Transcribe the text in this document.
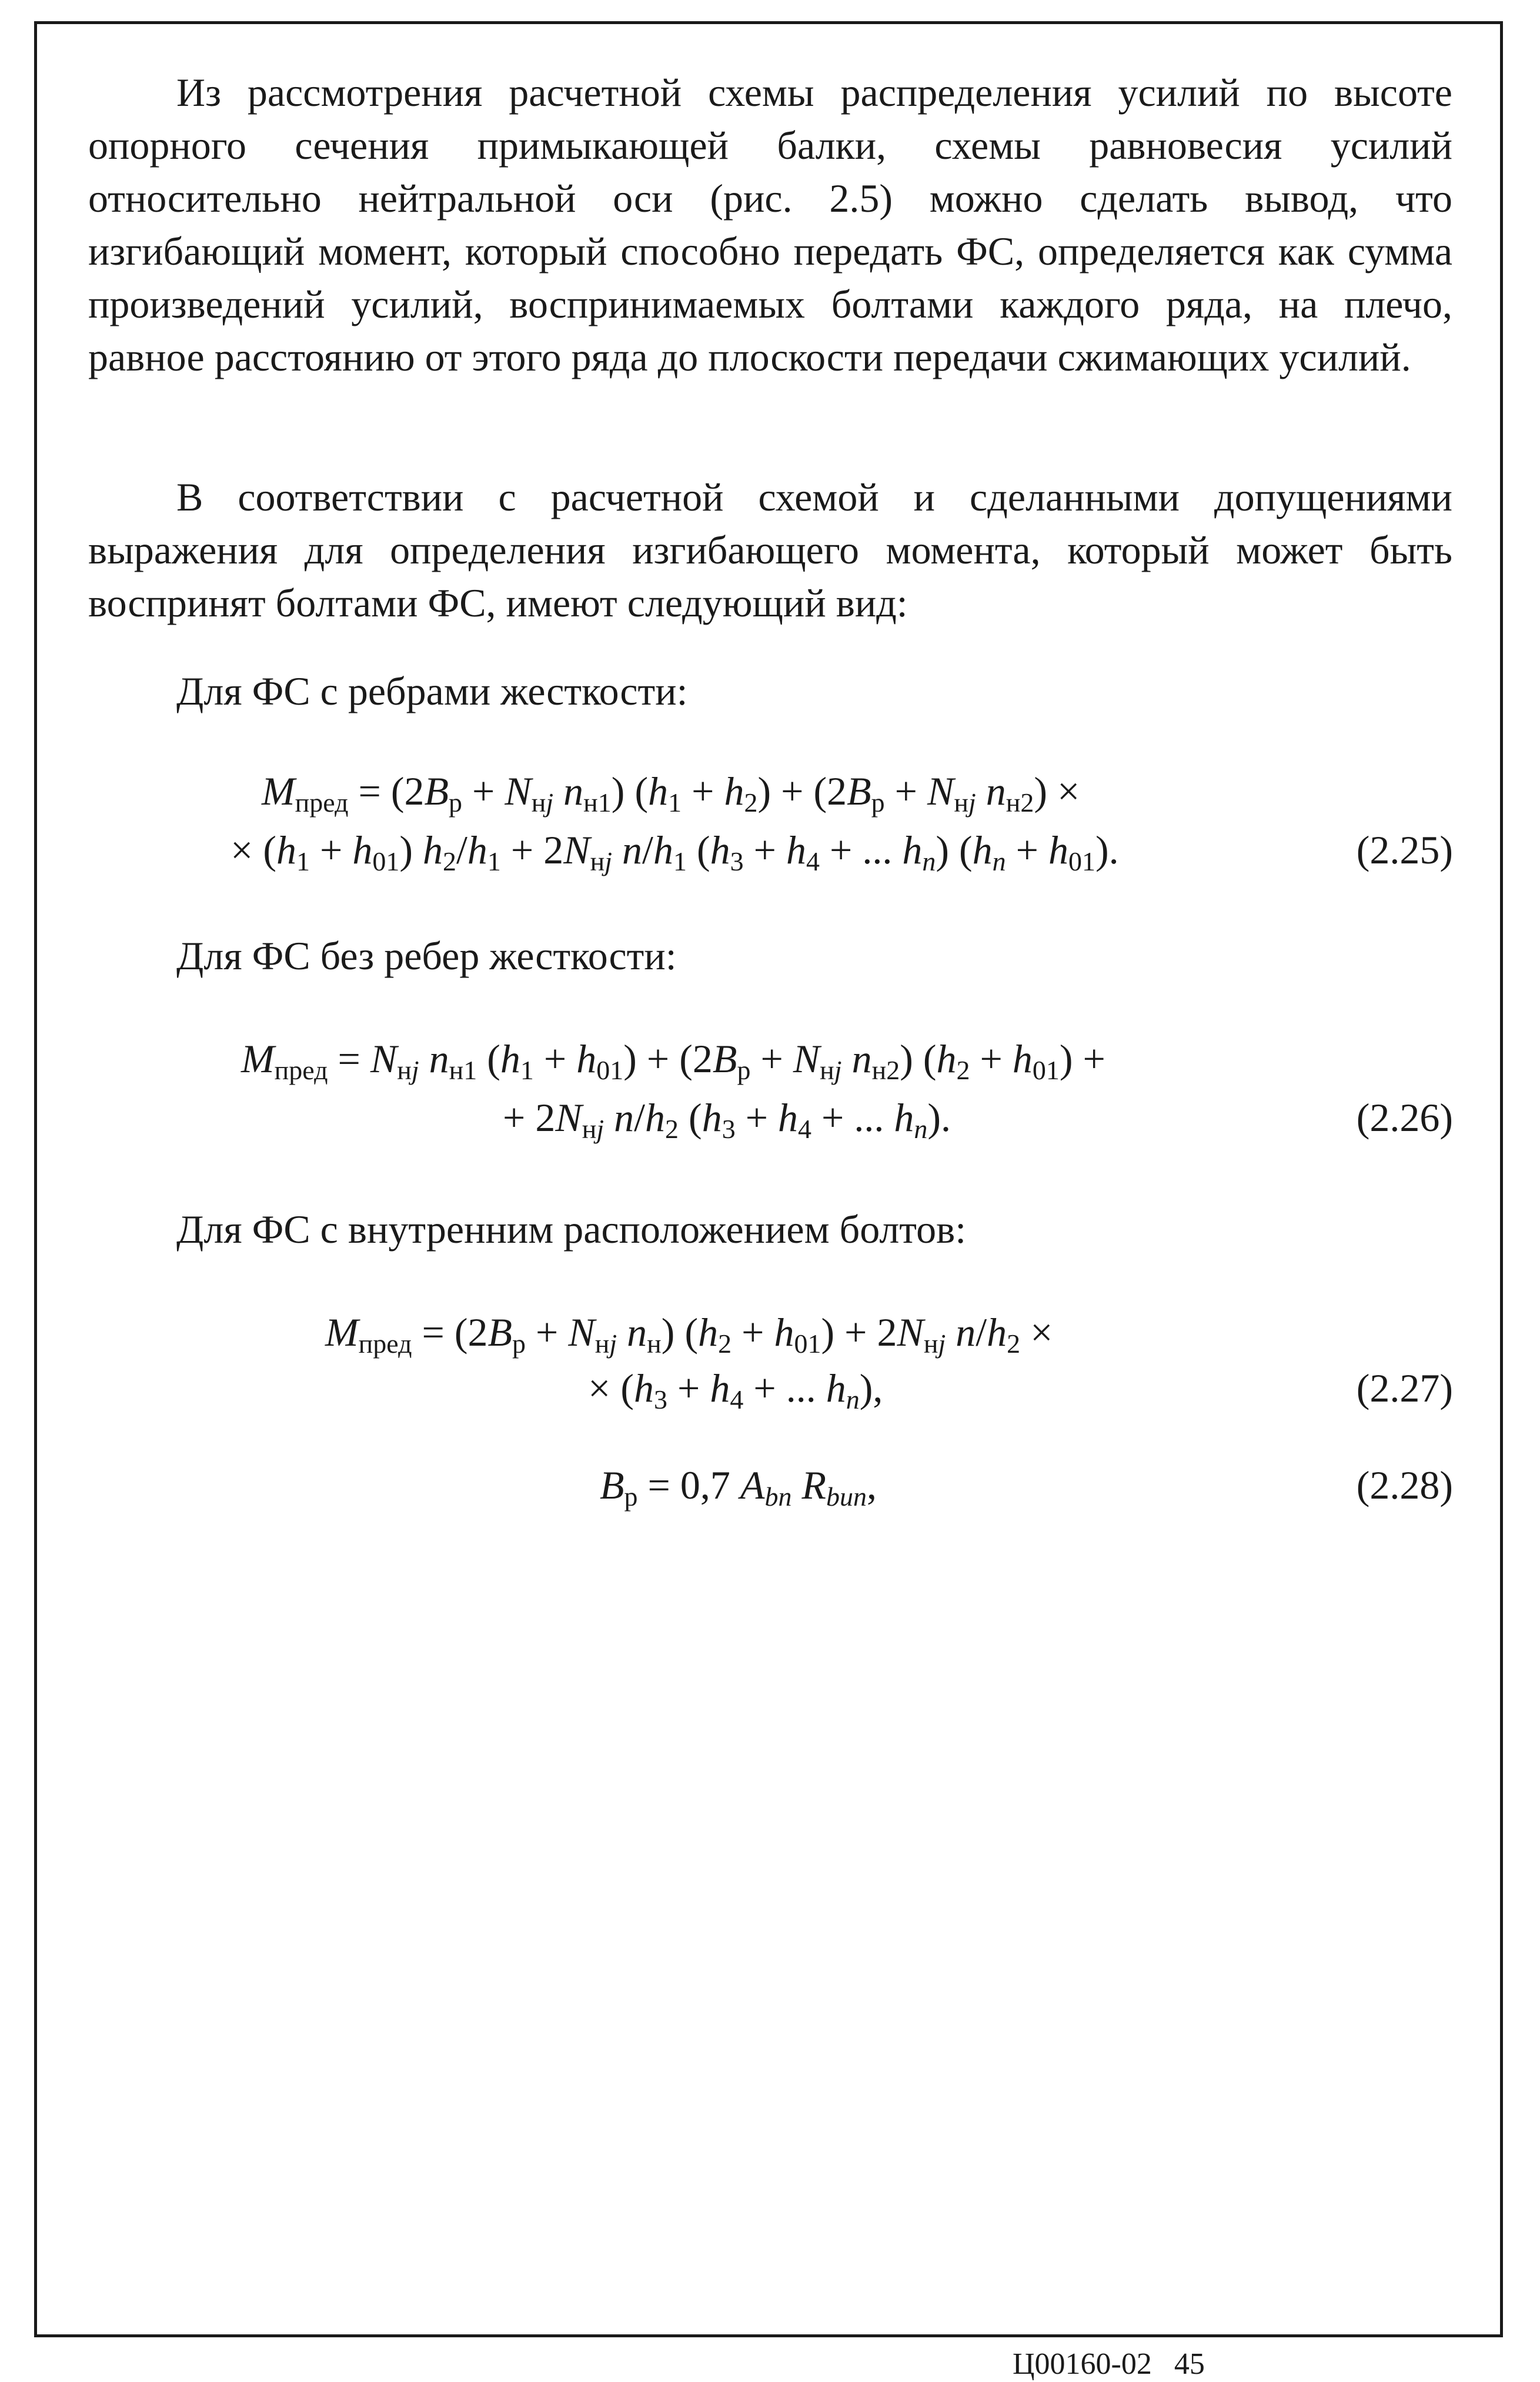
Из рассмотрения расчетной схемы распределения усилий по высоте опорного сечения примыкающей балки, схемы равновесия усилий относительно нейтральной оси (рис. 2.5) можно сделать вывод, что изгибающий момент, который способно передать ФС, определяется как сумма произведений усилий, воспринимаемых болтами каждого ряда, на плечо, равное расстоянию от этого ряда до плоскости передачи сжимающих усилий.

В соответствии с расчетной схемой и сделанными допущениями выражения для определения изгибающего момента, который может быть воспринят болтами ФС, имеют следующий вид:

Для ФС с ребрами жесткости:

$M_{пред} = (2B_р + N_{нj}$ $n_{н1}$) $(h_1 + h_2) + (2B_р + N_{нj}$ $n_{н2}$) ×
× $(h_1 + h_{01}) h_2/h_1 + 2N_{нj}$ $n/h_1$ ($h_3 + h_4$ + ... $h_n$) $(h_n + h_{01})$.	(2.25)

Для ФС без ребер жесткости:

$M_{пред} = N_{нj}$ $n_{н1}$ $(h_1 + h_{01}) + (2B_р + N_{нj}$ $n_{н2}$) $(h_2 + h_{01})$ +
+ $2N_{нj}$ $n/h_2$ ($h_3 + h_4$ + ... $h_n$).	(2.26)

Для ФС с внутренним расположением болтов:

$M_{пред} = (2B_р + N_{нj}$ $n_н$) $(h_2 + h_{01}) + 2N_{нj}$ $n/h_2$ ×
× ($h_3 + h_4$ + ... $h_n$),	(2.27)
$B_р = 0,7$ $A_{bn}$ $R_{bun}$,	(2.28)
Ц00160-02 45
